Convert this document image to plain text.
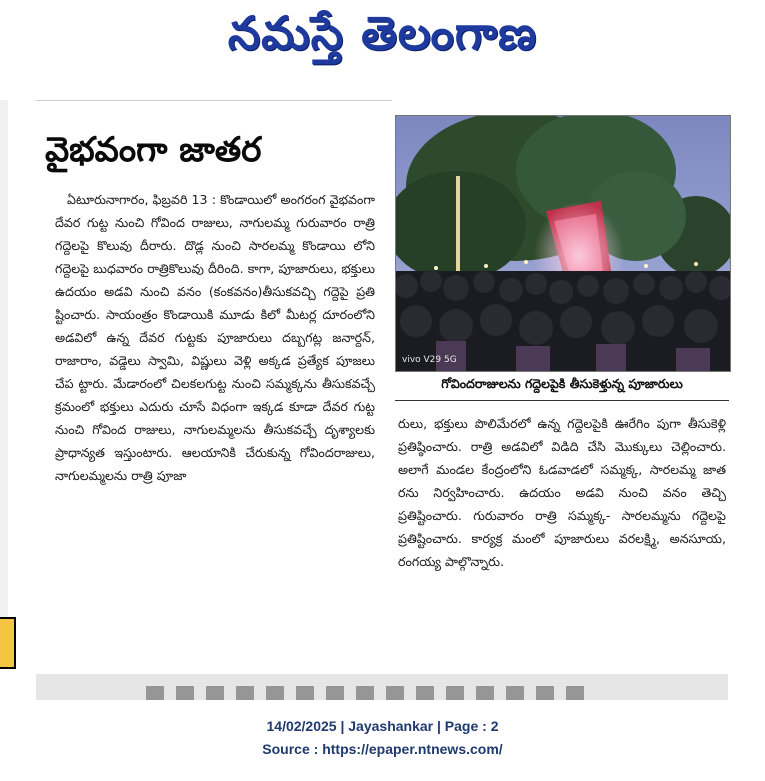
నమస్తే తెలంగాణ
వైభవంగా జాతర

ఏటూరునాగారం, ఫిబ్రవరి 13 : కొండాయిలో అంగరంగ వైభవంగా దేవర గుట్ట నుంచి గోవింద రాజులు, నాగులమ్మ గురువారం రాత్రి గద్దెలపై కొలువు దీరారు. దొడ్ల నుంచి సారలమ్మ కొండాయి లోని గద్దెలపై బుధవారం రాత్రికొలువు దీరింది. కాగా, పూజారులు, భక్తులు ఉదయం అడవి నుంచి వనం (కంకవనం)తీసుకవచ్చి గద్దెపై ప్రతి ష్టించారు. సాయంత్రం కొండాయికి మూడు కిలో మీటర్ల దూరంలోని అడవిలో ఉన్న దేవర గుట్టకు పూజారులు దబ్బగట్ల జనార్దన్, రాజారాం, వడ్డెలు స్వామి, విష్ణులు వెళ్లి అక్కడ ప్రత్యేక పూజలు చేప ట్టారు. మేడారంలో చిలకలగుట్ట నుంచి సమ్మక్కను తీసుకవచ్చే క్రమంలో భక్తులు ఎదురు చూసే విధంగా ఇక్కడ కూడా దేవర గుట్ట నుంచి గోవింద రాజులు, నాగులమ్మలను తీసుకవచ్చే దృశ్యాలకు ప్రాధాన్యత ఇస్తుంటారు. ఆలయానికి చేరుకున్న గోవిందరాజులు, నాగులమ్మలను రాత్రి పూజా

vivo V29 5G
గోవిందరాజులను గద్దెలపైకి తీసుకెళ్తున్న పూజారులు

రులు, భక్తులు పొలిమేరలో ఉన్న గద్దెలపైకి ఊరేగిం పుగా తీసుకెళ్లి ప్రతిష్ఠించారు. రాత్రి అడవిలో విడిది చేసి మొక్కులు చెల్లించారు. అలాగే మండల కేంద్రంలోని ఓడవాడలో సమ్మక్క, సారలమ్మ జాత రను నిర్వహించారు. ఉదయం అడవి నుంచి వనం తెచ్చి ప్రతిష్టించారు. గురువారం రాత్రి సమ్మక్క- సారలమ్మను గద్దెలపై ప్రతిష్టించారు. కార్యక్ర మంలో పూజారులు వరలక్ష్మి, అనసూయ, రంగయ్య పాల్గొన్నారు.

14/02/2025 | Jayashankar | Page : 2
Source : https://epaper.ntnews.com/
